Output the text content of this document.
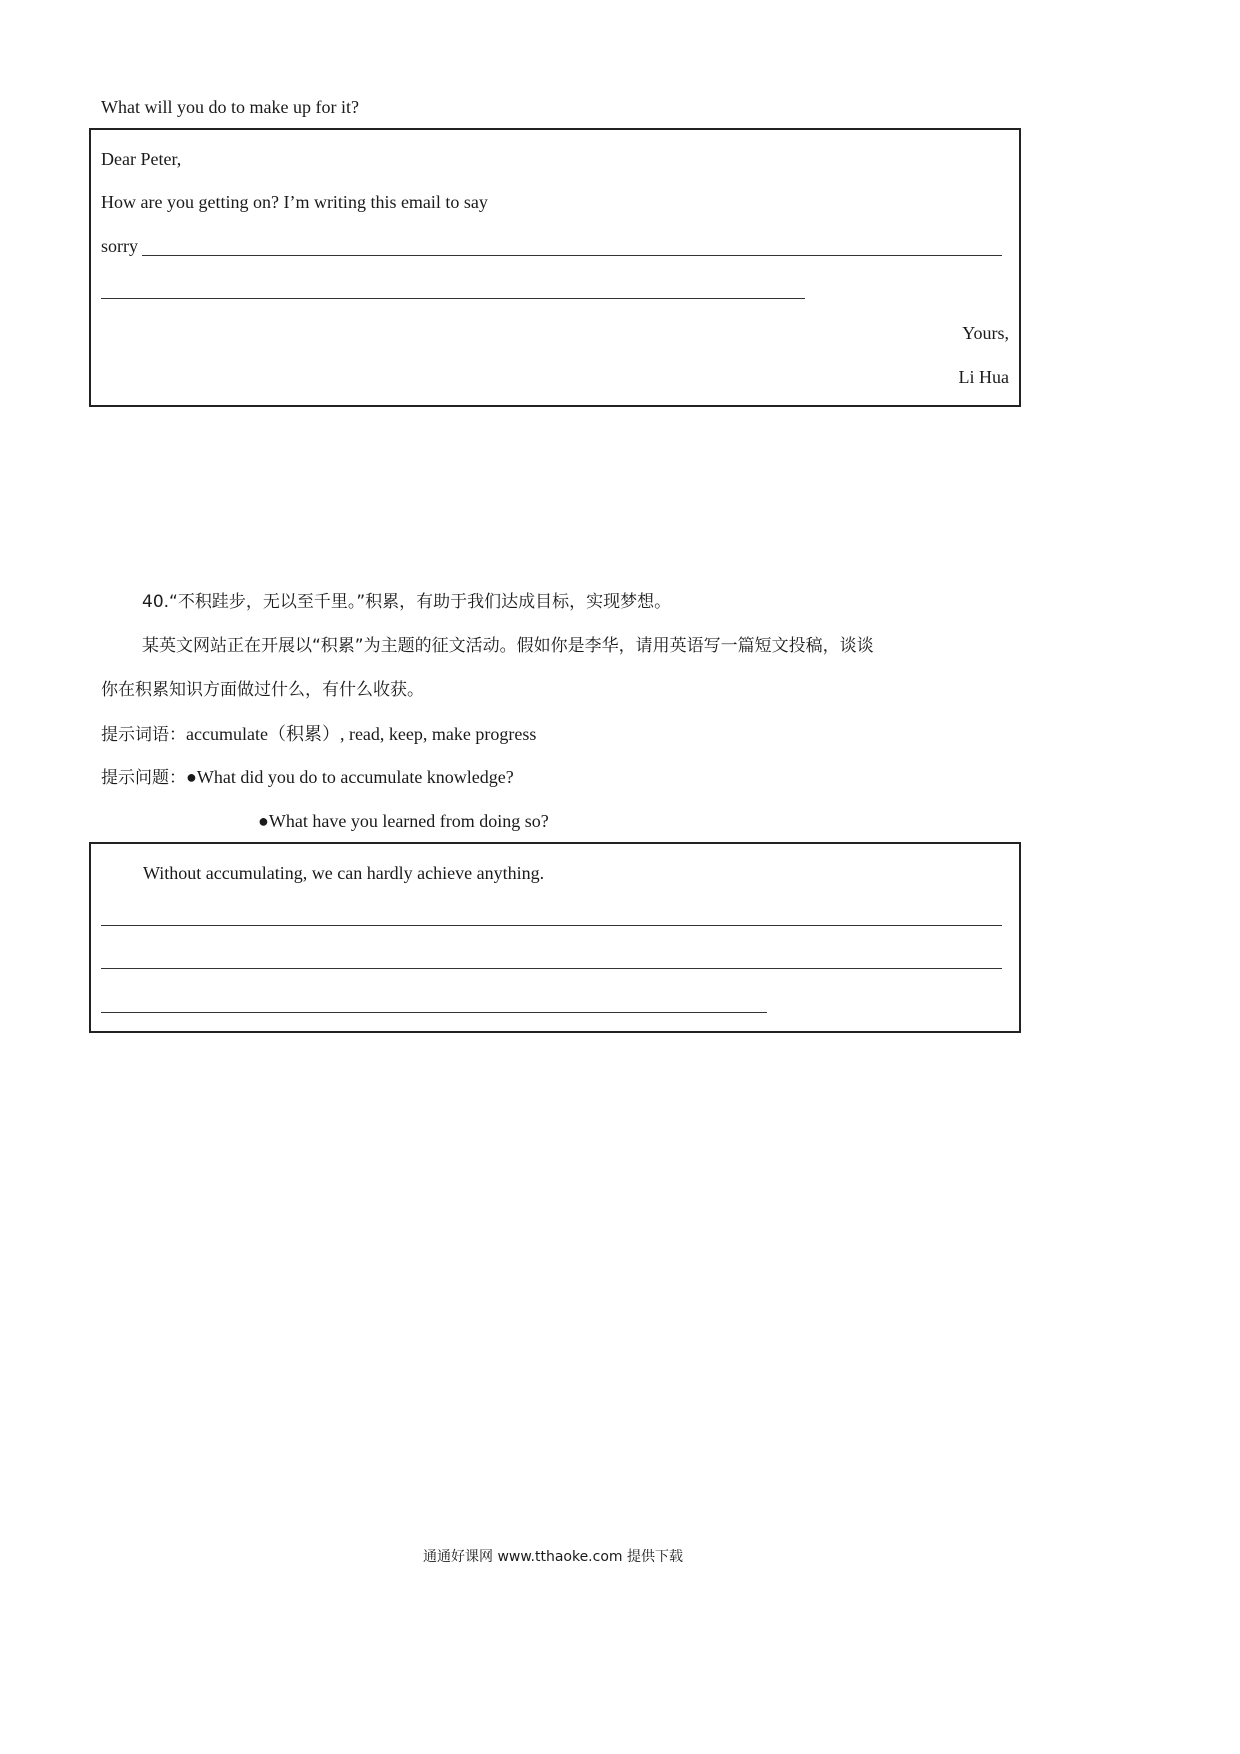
What will you do to make up for it?
Dear Peter,
How are you getting on? I’m writing this email to say
sorry
Yours,
Li Hua
40.“不积跬步，无以至千里。”积累，有助于我们达成目标，实现梦想。
某英文网站正在开展以“积累”为主题的征文活动。假如你是李华，请用英语写一篇短文投稿，谈谈
你在积累知识方面做过什么，有什么收获。
提示词语：accumulate（积累）, read, keep, make progress
提示问题：●What did you do to accumulate knowledge?
●What have you learned from doing so?
Without accumulating, we can hardly achieve anything.
通通好课网 www.tthaoke.com 提供下载
